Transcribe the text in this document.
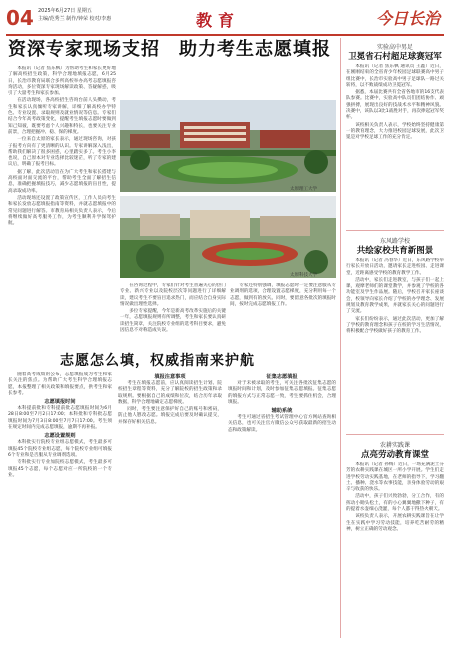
04 2025年6月27日 星期五
主编/范秀兰 制作/钟荣 校对/李惠	教育	今日长治
资深专家现场支招　助力考生志愿填报

本报讯（记者 焦东枫）为帮助考生和家长更好地了解高校招生政策，科学合理地填报志愿，6月25日，长治市教育局联合多所高校举办高考志愿填报咨询活动，多位资深专家现场解读政策、答疑解惑，吸引了大量考生和家长参加。

在活动现场，各高校招生咨询台前人头攒动，考生和家长认真倾听专家讲解，详细了解高校办学特色、专业设置、录取规则及就业情况等信息。专家们结合今年高考政策变化，提醒考生填报志愿时要做到知己知彼，既要考虑个人兴趣和特长，也要关注专业前景，合理把握冲、稳、保的梯度。

一位来自太原的家长表示，通过现场咨询，对孩子报考方向有了更清晰的认识。专家讲解深入浅出，帮助我们解决了很多困惑，心里踏实多了。考生小李也说，自己原本对专业选择比较迷茫，听了专家的建议后，明确了报考目标。

据了解，此次活动旨在为广大考生和家长搭建与高校面对面交流的平台，帮助考生全面了解招生信息，准确把握填报技巧，减少志愿填报的盲目性，提高录取成功率。

活动现场还设置了政策宣传区，工作人员向考生和家长发放志愿填报指南等资料，并就志愿填报中的常见问题进行解答。市教育局相关负责人表示，今后将继续做好高考服务工作，为考生顺利升学保驾护航。

太原理工大学
太原科技大学

在咨询过程中，专家们针对考生普遍关心的热门专业、新兴专业以及院校层次等问题进行了详细解读，建议考生不要盲目追求热门，而应结合自身实际情况做出理性选择。

多位专家提醒，今年是新高考改革实施后的关键一年，志愿填报规则有所调整，考生和家长要认真研读招生简章，关注院校专业组的选考科目要求，避免因信息不对称造成失误。

专家还特别强调，填报志愿时一定要注意服从专业调剂的选项，合理设置志愿梯度，充分利用每一个志愿，做到有的放矢。同时，要留意各批次的填报时间，按时完成志愿填报工作。

志愿怎么填，权威指南来护航

随着高考成绩的公布，志愿填报成为考生和家长关注的焦点。为帮助广大考生科学合理填报志愿，本报整理了相关政策和填报要点，供考生和家长参考。

志愿填报时间

本科提前批和专科提前批志愿填报时间为6月28日8:00至7月2日17:00；本科批和专科批志愿填报时间为7月3日8:00至7月7日17:00。考生须在规定时间内完成志愿填报，逾期不再补报。

志愿设置规则

本科批实行院校专业组志愿模式，考生最多可填报45个院校专业组志愿，每个院校专业组可填报6个专业和是否服从专业调剂选项。

专科批实行专业加院校志愿模式，考生最多可填报45个志愿，每个志愿对应一所院校的一个专业。

填报注意事项

考生在填报志愿前，应认真阅读招生计划、院校招生章程等资料，充分了解院校的招生政策和录取规则。要根据自己的成绩和位次，结合历年录取数据，科学合理地确定志愿梯度。

同时，考生要注意保护好自己的账号和密码，防止他人篡改志愿。填报完成后要及时确认提交，并保存好相关信息。

征集志愿填报

对于未被录取的考生，可关注各批次征集志愿的填报时间和计划，及时参加征集志愿填报。征集志愿的填报方式与正常志愿一致，考生要抓住机会，合理填报。

辅助系统

考生可通过省招生考试管理中心官方网站查询相关信息，也可关注官方微信公众号获取最新的招生动态和政策解读。

实验高中男足
卫冕省石村超足球赛冠军

本报讯（记者 焦东枫 通讯员 王鑫）近日，在刚刚结束的全省青少年校园足球联赛高中男子组比赛中，长治市实验高中男子足球队一路过关斩将，以不败战绩成功卫冕冠军。

据悉，本届比赛共有全省各地市的16支代表队参赛。比赛中，实验高中队员们团结协作、顽强拼搏，展现出良好的技战术水平和精神风貌。决赛中，该队以3比1战胜对手，再次捧起冠军奖杯。

该校相关负责人表示，学校始终坚持健康第一的教育理念，大力推进校园足球发展，此次卫冕是对学校足球工作的充分肯定。

东风路学校
共绘家校共育新图景

本报讯（记者 冯春华）近日，东风路学校举行家长开放日活动，邀请家长走进校园、走进课堂，近距离感受学校的教育教学工作。

活动中，家长们走进教室，与孩子们一起上课，观摩老师们的课堂教学，并参观了学校的各功能室及学生作品展。随后，学校召开家长座谈会，校领导向家长介绍了学校的办学理念、发展规划及教育教学成果，并就家长关心的问题进行了交流。

家长们纷纷表示，通过此次活动，更加了解了学校的教育理念和孩子在校的学习生活情况，将积极配合学校做好孩子的教育工作。

农耕实践课
点亮劳动教育课堂

本报讯（记者 孙梅）近日，一场充满泥土芬芳的农耕实践课在城区一所小学开展。学生们走进学校劳动实践基地，在老师的指导下，学习翻土、播种、浇水等农事技能，亲身体验劳动的艰辛与收获的快乐。

活动中，孩子们兴致勃勃，分工合作，有的挥动小锄头松土，有的小心翼翼地撒下种子，有的提着水壶细心浇灌，每个人都干得热火朝天。

该校负责人表示，开展农耕实践课旨在让学生在实践中学习劳动技能，培养吃苦耐劳的精神，树立正确的劳动观念。
